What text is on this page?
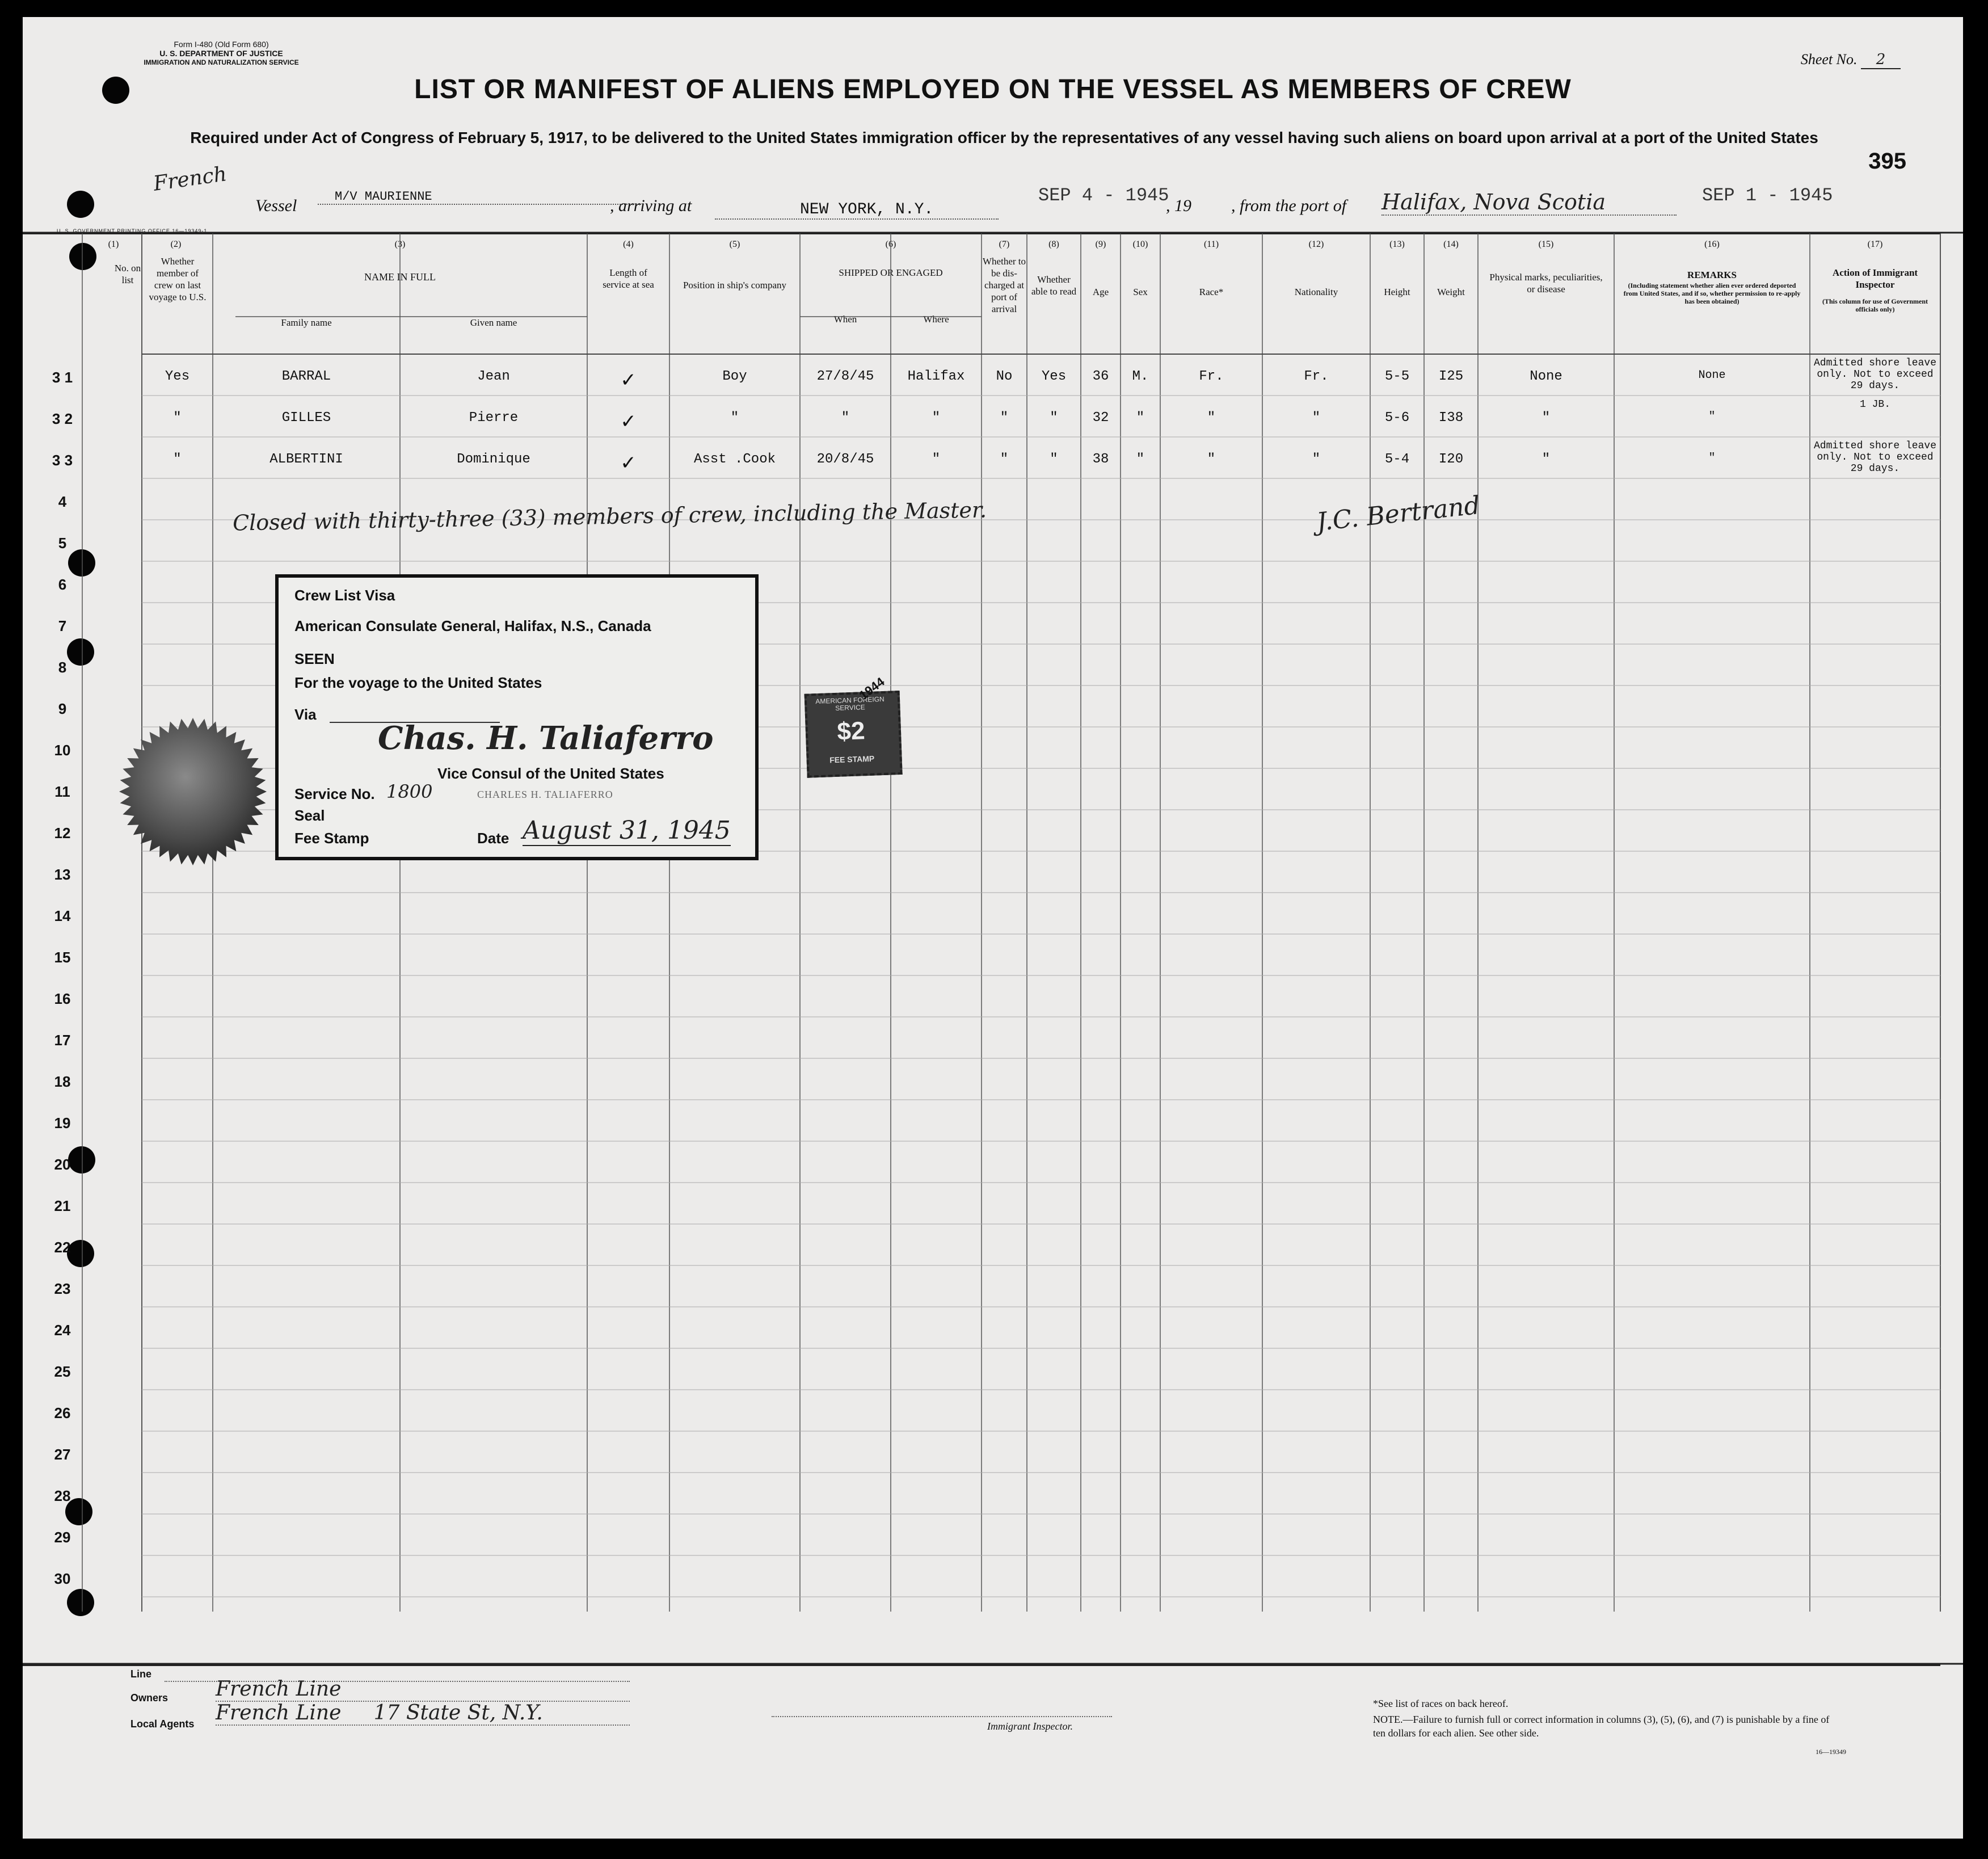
Form I-480 (Old Form 680)
U. S. DEPARTMENT OF JUSTICE
IMMIGRATION AND NATURALIZATION SERVICE	Sheet No. 2
LIST OR MANIFEST OF ALIENS EMPLOYED ON THE VESSEL AS MEMBERS OF CREW
Required under Act of Congress of February 5, 1917, to be delivered to the United States immigration officer by the representatives of any vessel having such aliens on board upon arrival at a port of the United States
395
French
Vessel	M/V MAURIENNE	, arriving at	NEW YORK, N.Y.
SEP 4 - 1945
, 19 , from the port of Halifax, Nova Scotia	SEP 1 - 1945
U. S. GOVERNMENT PRINTING OFFICE 16—19349-1
(1)
No. on list
(2)
Whether member of crew on last voyage to U.S.
(3)
NAME IN FULL
Family name	Given name
(4)
Length of service at sea
(5)
Position in ship's company
(6)
SHIPPED OR ENGAGED
When	Where
(7)
Whether to be dis-charged at port of arrival
(8)
Whether able to read
(9)
Age
(10)
Sex
(11)
Race*
(12)
Nationality
(13)
Height
(14)
Weight
(15)
Physical marks, peculiarities, or disease
(16)
REMARKS
(Including statement whether alien ever ordered deported from United States, and if so, whether permission to re-apply has been obtained)
(17)
Action of Immigrant Inspector
(This column for use of Government officials only)
3 1	Yes	BARRAL	Jean	✓	Boy	27/8/45	Halifax	No	Yes	36	M.	Fr.	Fr.	5-5	I25	None	None
Admitted shore leave only. Not to exceed 29 days.
3 2	"	GILLES	Pierre	✓	"	"	"	"	"	32	"	"	"	5-6	I38	"	"
1 JB.
3 3	"	ALBERTINI	Dominique	✓	Asst .Cook	20/8/45	"	"	"	38	"	"	"	5-4	I20	"	"
Admitted shore leave only. Not to exceed 29 days.
4
5
6
7
8
9
10
11
12
13
14
15
16
17
18
19
20
21
22
23
24
25
26
27
28
29
30
Closed with thirty-three (33) members of crew, including the Master.	J.C. Bertrand
Crew List Visa
American Consulate General, Halifax, N.S., Canada
SEEN
For the voyage to the United States
Via
Chas. H. Taliaferro
Vice Consul of the United States
Service No. 1800	CHARLES H. TALIAFERRO
Seal
Fee Stamp	Date August 31, 1945
AMERICAN FOREIGN SERVICE
$2
FEE STAMP
1944
Line
Owners French Line
Local Agents French Line     17 State St, N.Y.
Immigrant Inspector.
*See list of races on back hereof.
NOTE.—Failure to furnish full or correct information in columns (3), (5), (6), and (7) is punishable by a fine of ten dollars for each alien. See other side.
16—19349
